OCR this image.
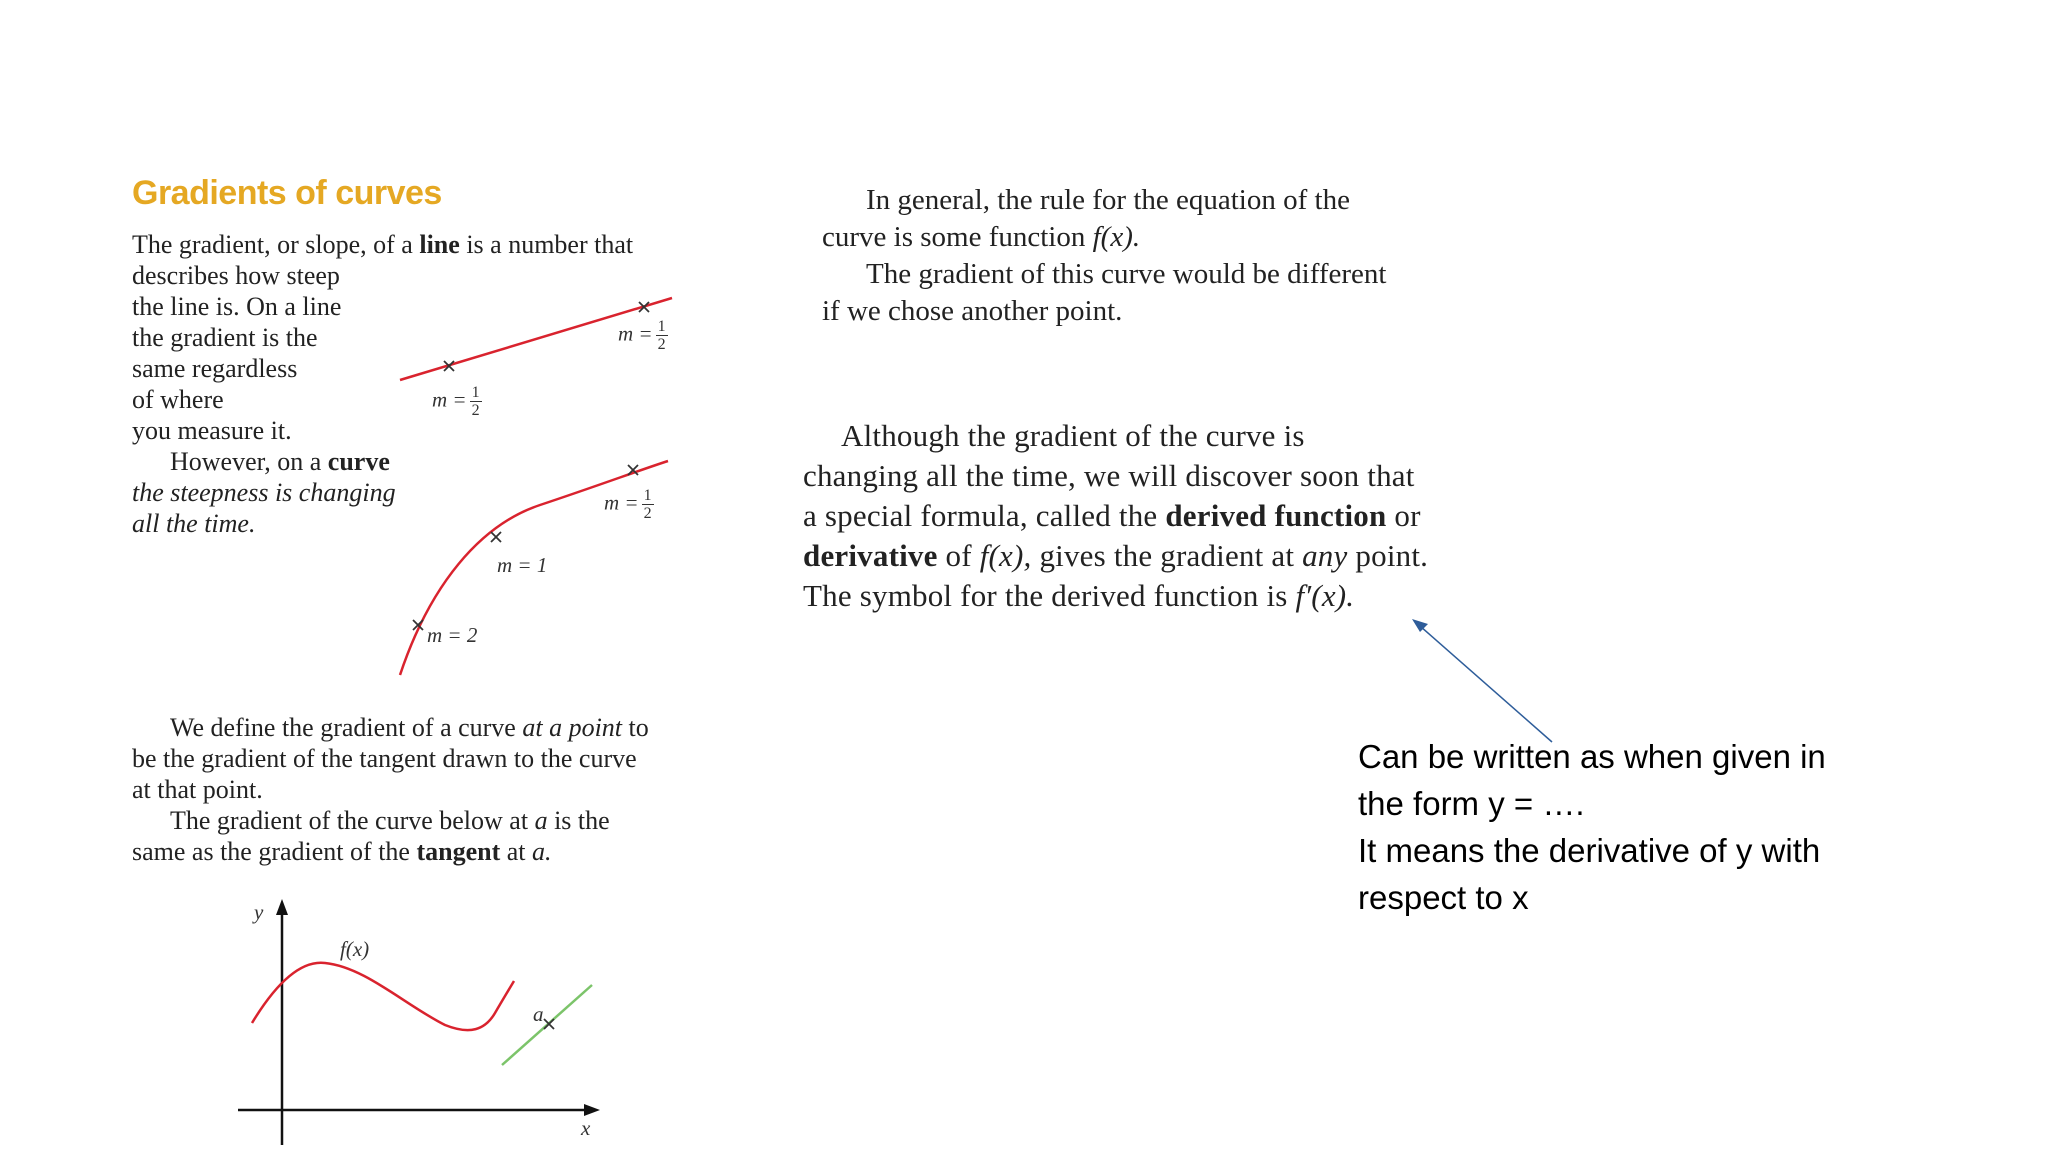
Gradients of curves
The gradient, or slope, of a line is a number that
describes how steep
the line is. On a line
the gradient is the
same regardless
of where
you measure it.
However, on a curve
the steepness is changing
all the time.
$m = \frac{1}{2}$
$m = \frac{1}{2}$
$m = \frac{1}{2}$
m = 1
m = 2
We define the gradient of a curve at a point to
be the gradient of the tangent drawn to the curve
at that point.
The gradient of the curve below at a is the
same as the gradient of the tangent at a.
y
x
f(x)
a
In general, the rule for the equation of the
curve is some function f(x).
The gradient of this curve would be different
if we chose another point.
Although the gradient of the curve is
changing all the time, we will discover soon that
a special formula, called the derived function or
derivative of f(x), gives the gradient at any point.
The symbol for the derived function is f′(x).
Can be written as when given in
the form y = ….
It means the derivative of y with
respect to x
